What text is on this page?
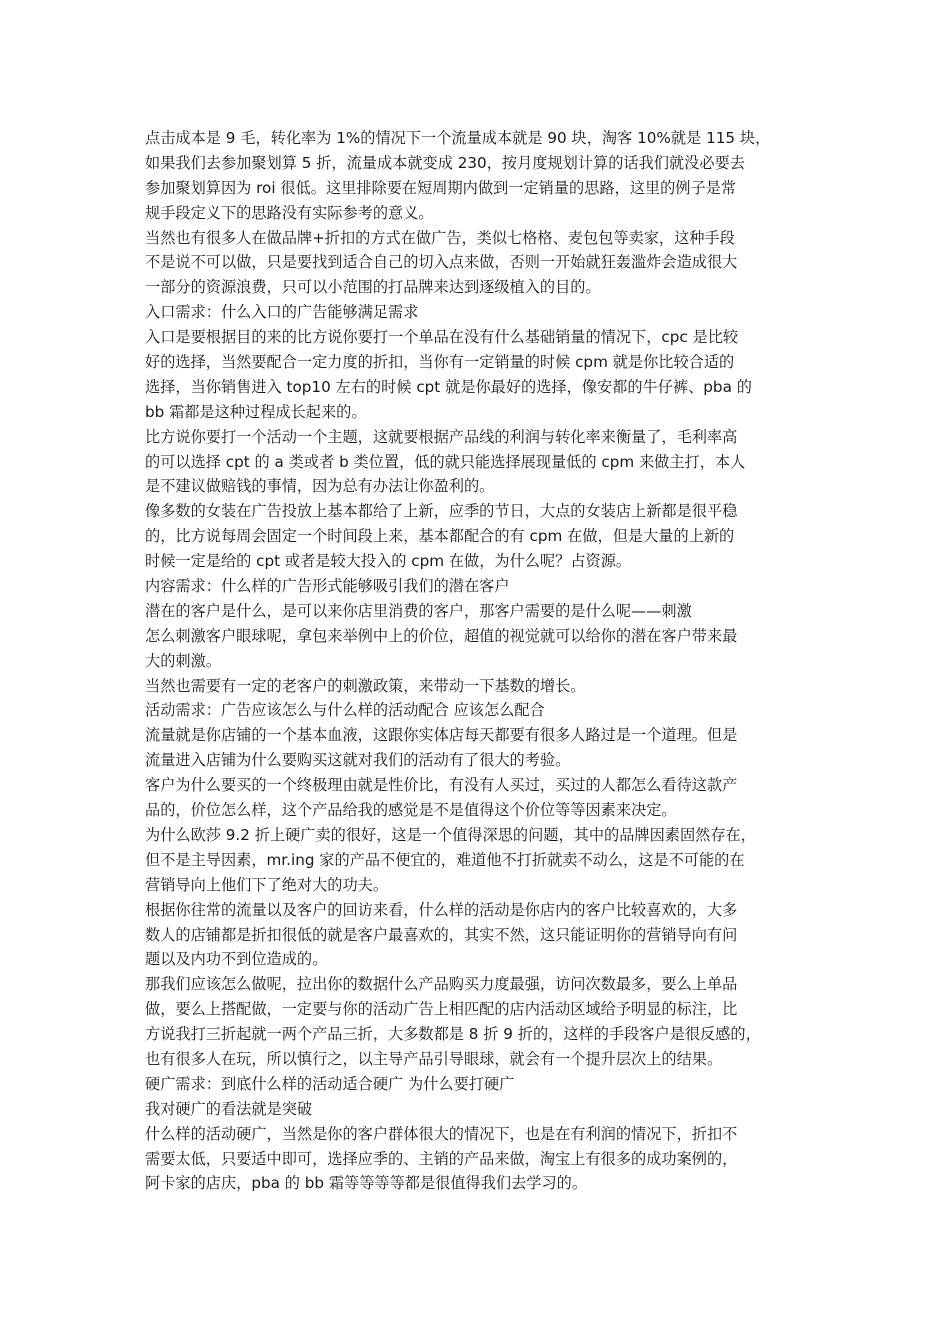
点击成本是 9 毛，转化率为 1%的情况下一个流量成本就是 90 块，淘客 10%就是 115 块，
如果我们去参加聚划算 5 折，流量成本就变成 230，按月度规划计算的话我们就没必要去
参加聚划算因为 roi 很低。这里排除要在短周期内做到一定销量的思路，这里的例子是常
规手段定义下的思路没有实际参考的意义。
当然也有很多人在做品牌+折扣的方式在做广告，类似七格格、麦包包等卖家，这种手段
不是说不可以做，只是要找到适合自己的切入点来做，否则一开始就狂轰滥炸会造成很大
一部分的资源浪费，只可以小范围的打品牌来达到逐级植入的目的。
入口需求：什么入口的广告能够满足需求
入口是要根据目的来的比方说你要打一个单品在没有什么基础销量的情况下，cpc 是比较
好的选择，当然要配合一定力度的折扣，当你有一定销量的时候 cpm 就是你比较合适的
选择，当你销售进入 top10 左右的时候 cpt 就是你最好的选择，像安都的牛仔裤、pba 的
bb 霜都是这种过程成长起来的。
比方说你要打一个活动一个主题，这就要根据产品线的利润与转化率来衡量了，毛利率高
的可以选择 cpt 的 a 类或者 b 类位置，低的就只能选择展现量低的 cpm 来做主打，本人
是不建议做赔钱的事情，因为总有办法让你盈利的。
像多数的女装在广告投放上基本都给了上新，应季的节日，大点的女装店上新都是很平稳
的，比方说每周会固定一个时间段上来，基本都配合的有 cpm 在做，但是大量的上新的
时候一定是给的 cpt 或者是较大投入的 cpm 在做，为什么呢？占资源。
内容需求：什么样的广告形式能够吸引我们的潜在客户
潜在的客户是什么，是可以来你店里消费的客户，那客户需要的是什么呢——刺激
怎么刺激客户眼球呢，拿包来举例中上的价位，超值的视觉就可以给你的潜在客户带来最
大的刺激。
当然也需要有一定的老客户的刺激政策，来带动一下基数的增长。
活动需求：广告应该怎么与什么样的活动配合 应该怎么配合
流量就是你店铺的一个基本血液，这跟你实体店每天都要有很多人路过是一个道理。但是
流量进入店铺为什么要购买这就对我们的活动有了很大的考验。
客户为什么要买的一个终极理由就是性价比，有没有人买过，买过的人都怎么看待这款产
品的，价位怎么样，这个产品给我的感觉是不是值得这个价位等等因素来决定。
为什么欧莎 9.2 折上硬广卖的很好，这是一个值得深思的问题，其中的品牌因素固然存在，
但不是主导因素，mr.ing 家的产品不便宜的，难道他不打折就卖不动么，这是不可能的在
营销导向上他们下了绝对大的功夫。
根据你往常的流量以及客户的回访来看，什么样的活动是你店内的客户比较喜欢的，大多
数人的店铺都是折扣很低的就是客户最喜欢的，其实不然，这只能证明你的营销导向有问
题以及内功不到位造成的。
那我们应该怎么做呢，拉出你的数据什么产品购买力度最强，访问次数最多，要么上单品
做，要么上搭配做，一定要与你的活动广告上相匹配的店内活动区域给予明显的标注，比
方说我打三折起就一两个产品三折，大多数都是 8 折 9 折的，这样的手段客户是很反感的，
也有很多人在玩，所以慎行之，以主导产品引导眼球，就会有一个提升层次上的结果。
硬广需求：到底什么样的活动适合硬广 为什么要打硬广
我对硬广的看法就是突破
什么样的活动硬广，当然是你的客户群体很大的情况下，也是在有利润的情况下，折扣不
需要太低，只要适中即可，选择应季的、主销的产品来做，淘宝上有很多的成功案例的，
阿卡家的店庆，pba 的 bb 霜等等等等都是很值得我们去学习的。
